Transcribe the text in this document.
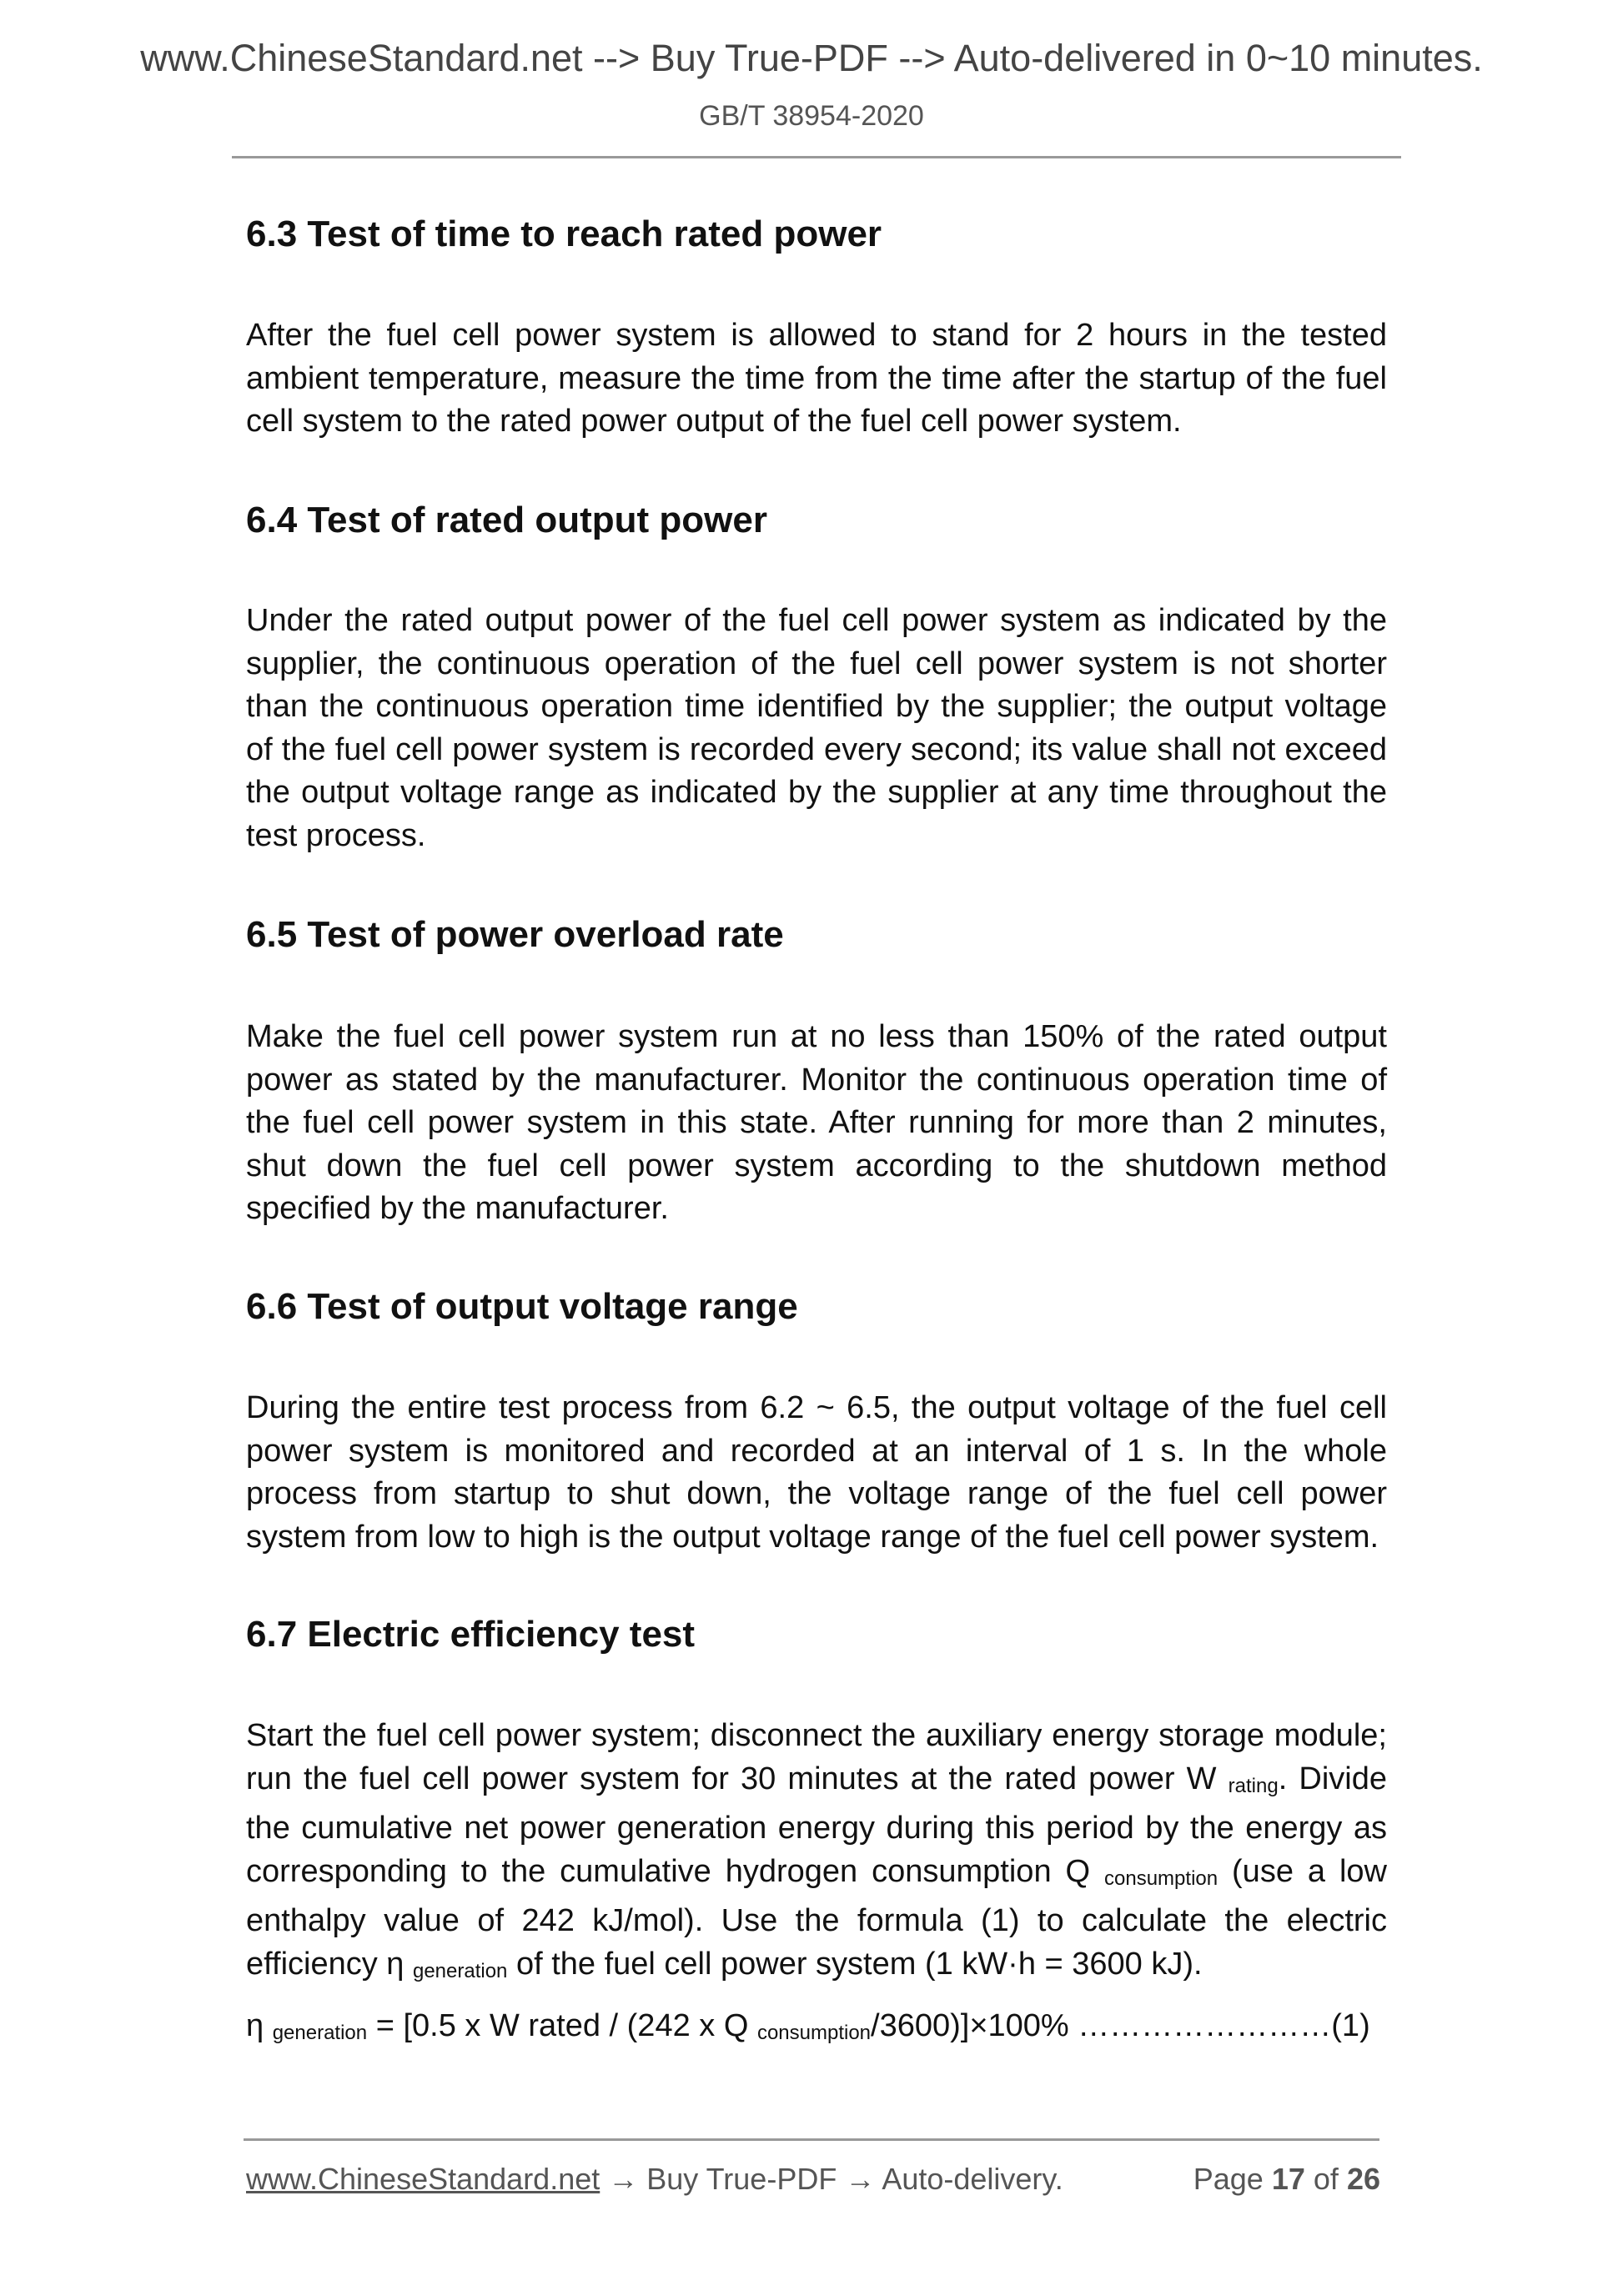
www.ChineseStandard.net --> Buy True-PDF --> Auto-delivered in 0~10 minutes.
GB/T 38954-2020
6.3 Test of time to reach rated power
After the fuel cell power system is allowed to stand for 2 hours in the tested ambient temperature, measure the time from the time after the startup of the fuel cell system to the rated power output of the fuel cell power system.
6.4 Test of rated output power
Under the rated output power of the fuel cell power system as indicated by the supplier, the continuous operation of the fuel cell power system is not shorter than the continuous operation time identified by the supplier; the output voltage of the fuel cell power system is recorded every second; its value shall not exceed the output voltage range as indicated by the supplier at any time throughout the test process.
6.5 Test of power overload rate
Make the fuel cell power system run at no less than 150% of the rated output power as stated by the manufacturer. Monitor the continuous operation time of the fuel cell power system in this state. After running for more than 2 minutes, shut down the fuel cell power system according to the shutdown method specified by the manufacturer.
6.6 Test of output voltage range
During the entire test process from 6.2 ~ 6.5, the output voltage of the fuel cell power system is monitored and recorded at an interval of 1 s. In the whole process from startup to shut down, the voltage range of the fuel cell power system from low to high is the output voltage range of the fuel cell power system.
6.7 Electric efficiency test
Start the fuel cell power system; disconnect the auxiliary energy storage module; run the fuel cell power system for 30 minutes at the rated power W $_{rating}$. Divide the cumulative net power generation energy during this period by the energy as corresponding to the cumulative hydrogen consumption Q $_{consumption}$ (use a low enthalpy value of 242 kJ/mol). Use the formula (1) to calculate the electric efficiency η $_{generation}$ of the fuel cell power system (1 kW·h = 3600 kJ).
η $_{generation}$ = [0.5 x W rated / (242 x Q $_{consumption}$/3600)]×100% ……………………(1)
www.ChineseStandard.net → Buy True-PDF → Auto-delivery.	Page 17 of 26
